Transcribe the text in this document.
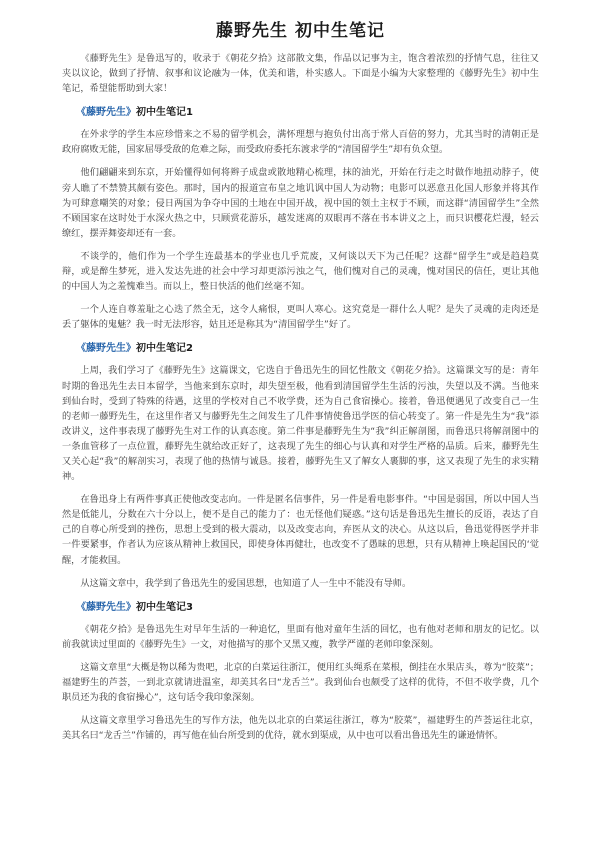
藤野先生 初中生笔记

《藤野先生》是鲁迅写的，收录于《朝花夕拾》这部散文集，作品以记事为主，饱含着浓烈的抒情气息，往往又夹以议论，做到了抒情、叙事和议论融为一体，优美和谐，朴实感人。下面是小编为大家整理的《藤野先生》初中生笔记，希望能帮助到大家！

《藤野先生》初中生笔记1

在外求学的学生本应珍惜来之不易的留学机会，满怀理想与抱负付出高于常人百倍的努力，尤其当时的清朝正是政府腐败无能，国家屈辱受敌的危难之际，而受政府委托东渡求学的“清国留学生”却有负众望。

他们翩翩来到东京，开始懂得如何将辫子成盘或散地精心梳理，抹的油光，开始在行走之时做作地扭动脖子，使旁人瞧了不禁赞其颇有姿色。那时，国内的报道宣布皇之地讥讽中国人为动物；电影可以恶意丑化国人形象并将其作为可肆意嘲笑的对象；侵日两国为争夺中国的土地在中国开战，视中国的领土主权于不顾，而这群“清国留学生”全然不顾国家在这时处于水深火热之中，只顾赏花游乐，越发迷离的双眼再不落在书本讲义之上，而只识樱花烂漫，轻云缭红，摆弄舞姿却还有一套。

不谈学的，他们作为一个学生连最基本的学业也几乎荒废，又何谈以天下为己任呢？这群“留学生”或是趋趋莫辩，或是醉生梦死，进入发达先进的社会中学习却更添污浊之气，他们愧对自己的灵魂，愧对国民的信任，更让其他的中国人为之羞愧难当。而以上，整日快活的他们丝毫不知。

一个人连自尊羞耻之心迭了然全无，这令人痛恨，更叫人寒心。这究竟是一群什么人呢？是失了灵魂的走肉还是丢了躯体的鬼魅？我一时无法形容，姑且还是称其为“清国留学生”好了。

《藤野先生》初中生笔记2

上周，我们学习了《藤野先生》这篇课文，它选自于鲁迅先生的回忆性散文《朝花夕拾》。这篇课文写的是：青年时期的鲁迅先生去日本留学，当他来到东京时，却失望至极，他看到清国留学生生活的污浊，失望以及不满。当他来到仙台时，受到了特殊的待遇，这里的学校对自己不收学费，还为自己食宿操心。接着，鲁迅便遇见了改变自己一生的老师一藤野先生，在这里作者又与藤野先生之间发生了几件事情使鲁迅学医的信心转变了。第一件是先生为“我”添改讲义，这件事表现了藤野先生对工作的认真态度。第二件事是藤野先生为“我”纠正解剖图，而鲁迅只将解剖图中的一条血管移了一点位置，藤野先生就给改正好了，这表现了先生的细心与认真和对学生严格的品质。后来，藤野先生又关心起“我”的解剖实习，表现了他的热情与诚恳。接着，藤野先生又了解女人裹脚的事，这又表现了先生的求实精神。

在鲁迅身上有两件事真正使他改变志向。一件是匿名信事件，另一件是看电影事件。“中国是弱国，所以中国人当然是低能儿，分数在六十分以上，便不是自己的能力了：也无怪他们疑惑。”这句话是鲁迅先生擅长的反语，表达了自己的自尊心所受到的挫伤，思想上受到的极大震动，以及改变志向，弃医从文的决心。从这以后，鲁迅觉得医学并非一件要紧事，作者认为应该从精神上救国民，即使身体再健壮，也改变不了愚昧的思想，只有从精神上唤起国民的‘觉醒，才能救国。

从这篇文章中，我学到了鲁迅先生的爱国思想，也知道了人一生中不能没有导师。

《藤野先生》初中生笔记3

《朝花夕拾》是鲁迅先生对早年生活的一种追忆，里面有他对童年生活的回忆，也有他对老师和朋友的记忆。以前我就读过里面的《藤野先生》一文，对他描写的那个又黑又瘦，教学严谨的老师印象深刻。

这篇文章里“大概是物以稀为贵吧，北京的白菜运往浙江，便用红头绳系在菜根，倒挂在水果店头，尊为“胶菜”；福建野生的芦荟，一到北京就请进温室，却美其名曰“龙舌兰”。我到仙台也颇受了这样的优待，不但不收学费，几个职员还为我的食宿操心”，这句话令我印象深刻。

从这篇文章里学习鲁迅先生的写作方法，他先以北京的白菜运往浙江，尊为“胶菜”，福建野生的芦荟运往北京，美其名曰“龙舌兰”作铺的，再写他在仙台所受到的优待，就水到渠成，从中也可以看出鲁迅先生的谦逊情怀。
